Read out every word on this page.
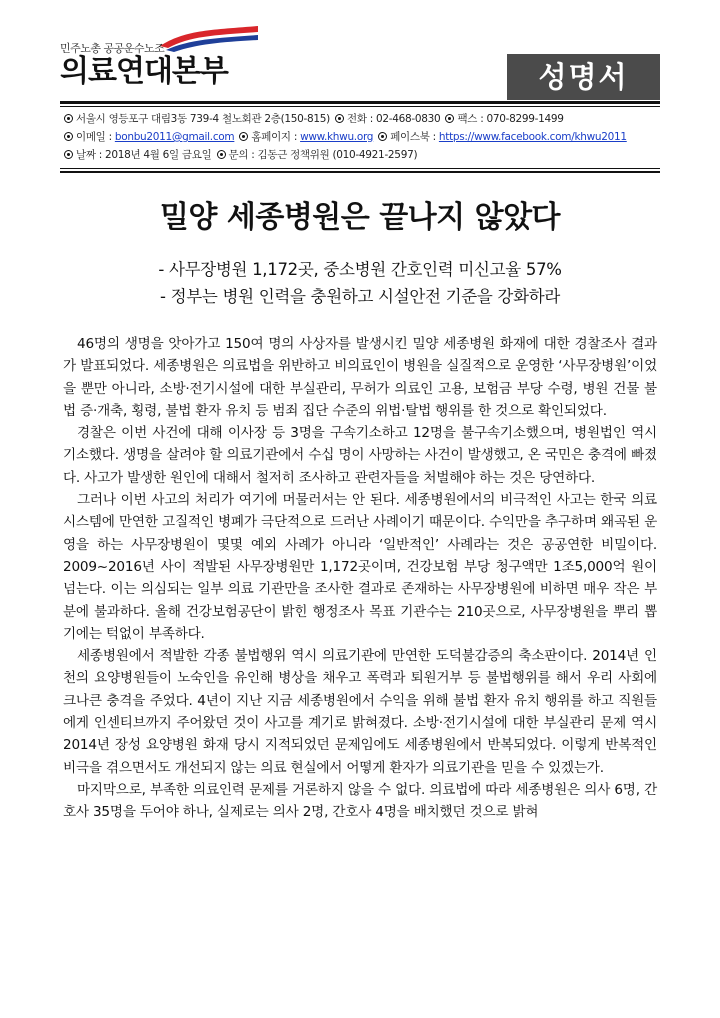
민주노총 공공운수노조
의료연대본부	성명서
서울시 영등포구 대림3동 739-4 철노회관 2층(150-815) 전화 : 02-468-0830 팩스 : 070-8299-1499
이메일 : bonbu2011@gmail.com 홈페이지 : www.khwu.org 페이스북 : https://www.facebook.com/khwu2011
날짜 : 2018년 4월 6일 금요일 문의 : 김동근 정책위원 (010-4921-2597)
밀양 세종병원은 끝나지 않았다
- 사무장병원 1,172곳, 중소병원 간호인력 미신고율 57%
- 정부는 병원 인력을 충원하고 시설안전 기준을 강화하라

46명의 생명을 앗아가고 150여 명의 사상자를 발생시킨 밀양 세종병원 화재에 대한 경찰조사 결과가 발표되었다. 세종병원은 의료법을 위반하고 비의료인이 병원을 실질적으로 운영한 ‘사무장병원’이었을 뿐만 아니라, 소방·전기시설에 대한 부실관리, 무허가 의료인 고용, 보험금 부당 수령, 병원 건물 불법 증·개축, 횡령, 불법 환자 유치 등 범죄 집단 수준의 위법·탈법 행위를 한 것으로 확인되었다.

경찰은 이번 사건에 대해 이사장 등 3명을 구속기소하고 12명을 불구속기소했으며, 병원법인 역시 기소했다. 생명을 살려야 할 의료기관에서 수십 명이 사망하는 사건이 발생했고, 온 국민은 충격에 빠졌다. 사고가 발생한 원인에 대해서 철저히 조사하고 관련자들을 처벌해야 하는 것은 당연하다.

그러나 이번 사고의 처리가 여기에 머물러서는 안 된다. 세종병원에서의 비극적인 사고는 한국 의료시스템에 만연한 고질적인 병폐가 극단적으로 드러난 사례이기 때문이다. 수익만을 추구하며 왜곡된 운영을 하는 사무장병원이 몇몇 예외 사례가 아니라 ‘일반적인’ 사례라는 것은 공공연한 비밀이다. 2009~2016년 사이 적발된 사무장병원만 1,172곳이며, 건강보험 부당 청구액만 1조5,000억 원이 넘는다. 이는 의심되는 일부 의료 기관만을 조사한 결과로 존재하는 사무장병원에 비하면 매우 작은 부분에 불과하다. 올해 건강보험공단이 밝힌 행정조사 목표 기관수는 210곳으로, 사무장병원을 뿌리 뽑기에는 턱없이 부족하다.

세종병원에서 적발한 각종 불법행위 역시 의료기관에 만연한 도덕불감증의 축소판이다. 2014년 인천의 요양병원들이 노숙인을 유인해 병상을 채우고 폭력과 퇴원거부 등 불법행위를 해서 우리 사회에 크나큰 충격을 주었다. 4년이 지난 지금 세종병원에서 수익을 위해 불법 환자 유치 행위를 하고 직원들에게 인센티브까지 주어왔던 것이 사고를 계기로 밝혀졌다. 소방·전기시설에 대한 부실관리 문제 역시 2014년 장성 요양병원 화재 당시 지적되었던 문제임에도 세종병원에서 반복되었다. 이렇게 반복적인 비극을 겪으면서도 개선되지 않는 의료 현실에서 어떻게 환자가 의료기관을 믿을 수 있겠는가.

마지막으로, 부족한 의료인력 문제를 거론하지 않을 수 없다. 의료법에 따라 세종병원은 의사 6명, 간호사 35명을 두어야 하나, 실제로는 의사 2명, 간호사 4명을 배치했던 것으로 밝혀
